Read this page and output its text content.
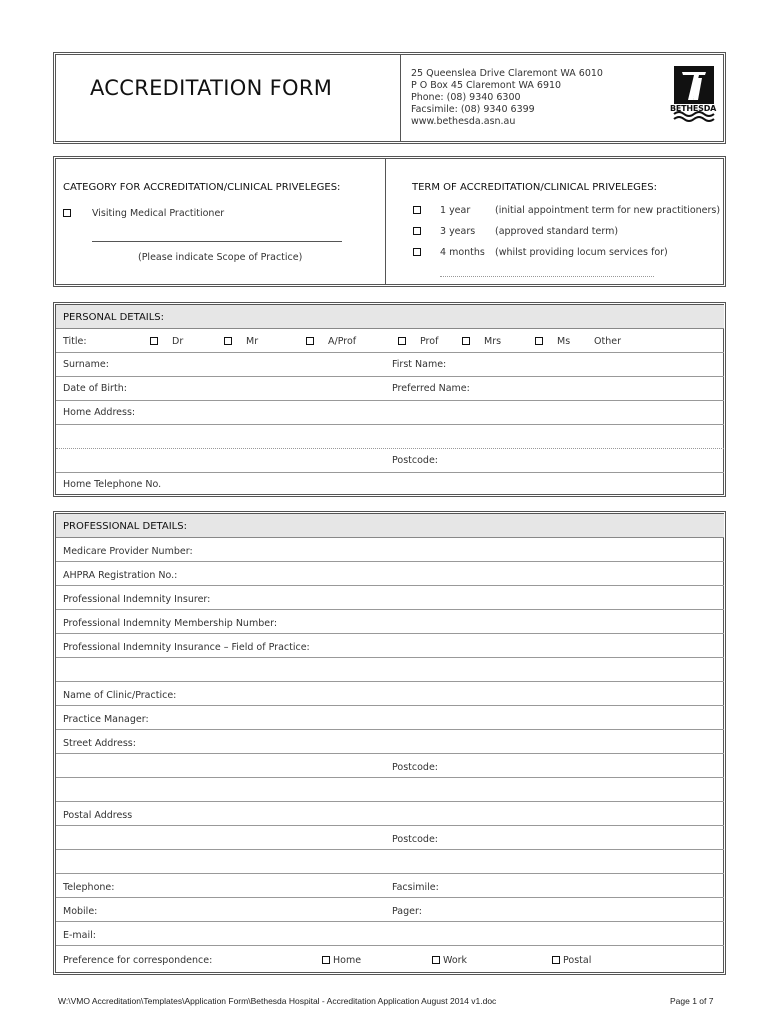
ACCREDITATION FORM
25 Queenslea Drive Claremont WA 6010
P O Box 45 Claremont WA 6910
Phone: (08) 9340 6300
Facsimile: (08) 9340 6399
www.bethesda.asn.au
BETHESDA
CATEGORY FOR ACCREDITATION/CLINICAL PRIVELEGES:
Visiting Medical Practitioner
(Please indicate Scope of Practice)
TERM OF ACCREDITATION/CLINICAL PRIVELEGES:
1 year	(initial appointment term for new practitioners)
3 years (approved standard term)
4 months (whilst providing locum services for)
PERSONAL DETAILS:
Title:	Dr	Mr	A/Prof	Prof	Mrs	Ms	Other
Surname:	First Name:
Date of Birth:	Preferred Name:
Home Address:
Postcode:
Home Telephone No.
PROFESSIONAL DETAILS:
Medicare Provider Number:
AHPRA Registration No.:
Professional Indemnity Insurer:
Professional Indemnity Membership Number:
Professional Indemnity Insurance – Field of Practice:
Name of Clinic/Practice:
Practice Manager:
Street Address:
Postcode:
Postal Address
Postcode:
Telephone:	Facsimile:
Mobile:	Pager:
E-mail:
Preference for correspondence:	Home	Work	Postal
W:\VMO Accreditation\Templates\Application Form\Bethesda Hospital - Accreditation Application August 2014 v1.doc	Page 1 of 7
